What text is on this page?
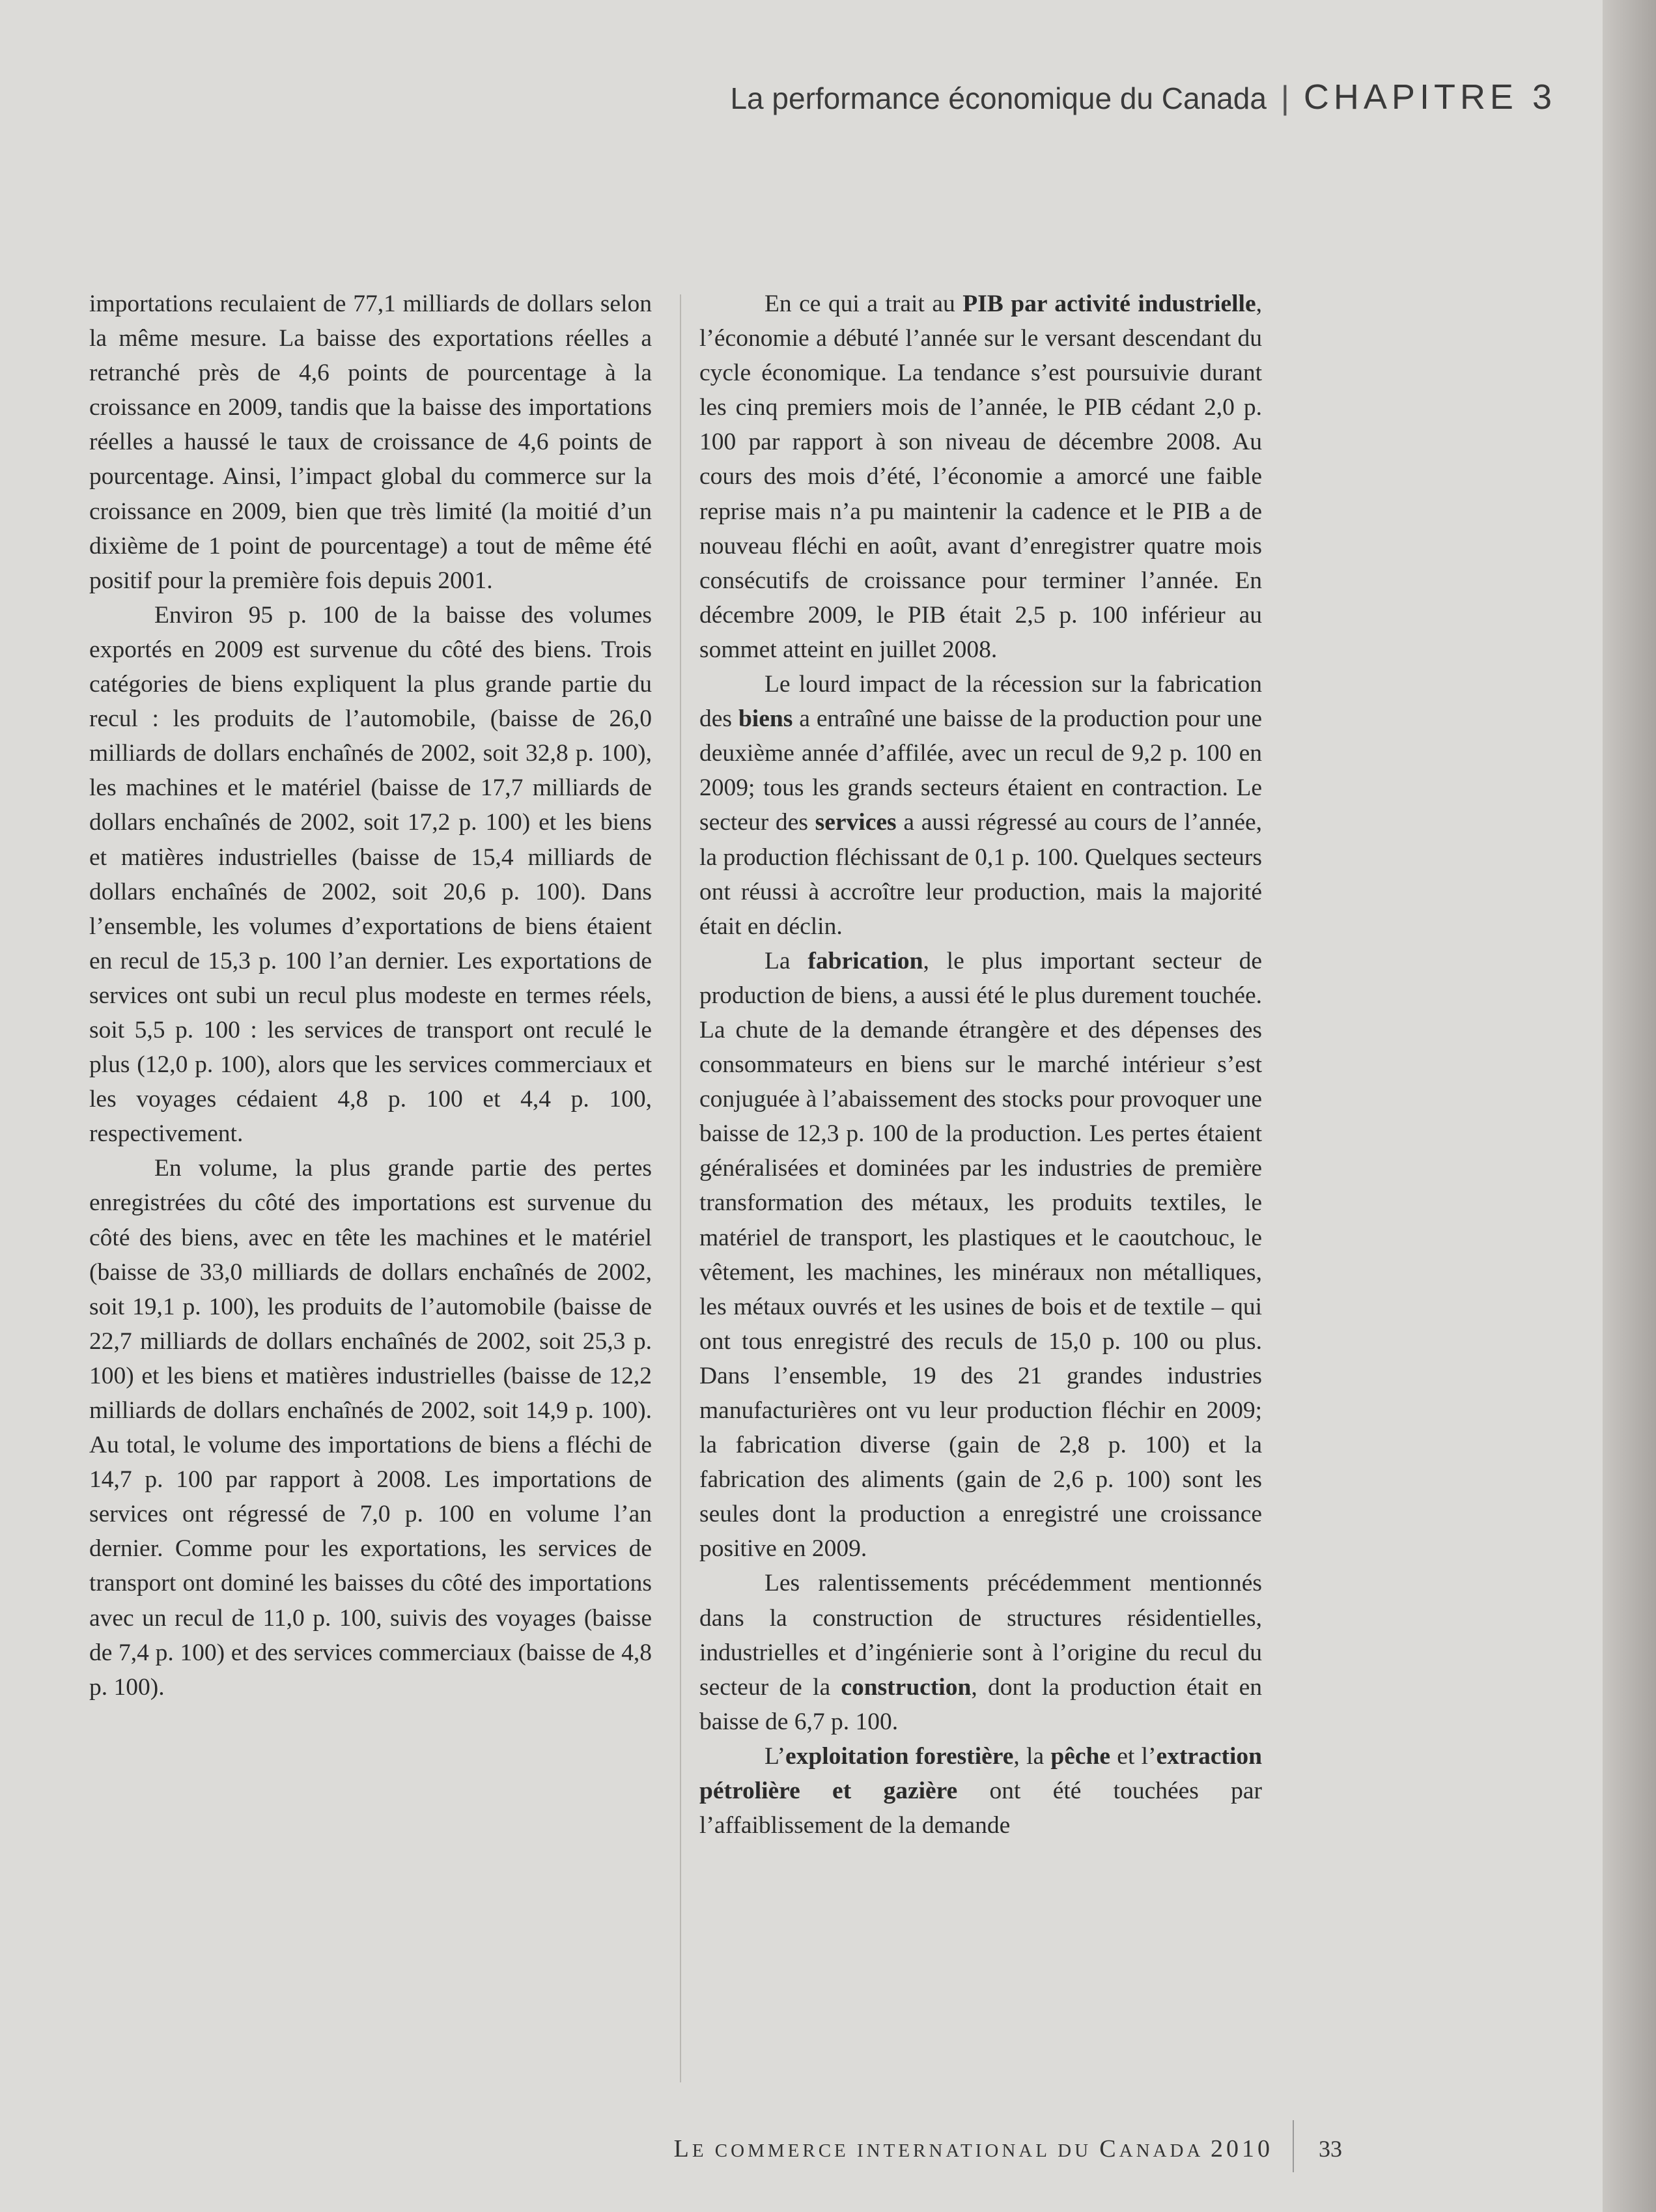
La performance économique du Canada | CHAPITRE 3

importations reculaient de 77,1 milliards de dollars selon la même mesure. La baisse des exportations réelles a retranché près de 4,6 points de pourcentage à la croissance en 2009, tandis que la baisse des importations réelles a haussé le taux de croissance de 4,6 points de pourcentage. Ainsi, l’impact global du commerce sur la croissance en 2009, bien que très limité (la moitié d’un dixième de 1 point de pourcentage) a tout de même été positif pour la première fois depuis 2001.

Environ 95 p. 100 de la baisse des volumes exportés en 2009 est survenue du côté des biens. Trois catégories de biens expliquent la plus grande partie du recul : les produits de l’automobile, (baisse de 26,0 milliards de dollars enchaînés de 2002, soit 32,8 p. 100), les machines et le matériel (baisse de 17,7 milliards de dollars enchaînés de 2002, soit 17,2 p. 100) et les biens et matières industrielles (baisse de 15,4 milliards de dollars enchaînés de 2002, soit 20,6 p. 100). Dans l’ensemble, les volumes d’exportations de biens étaient en recul de 15,3 p. 100 l’an dernier. Les exportations de services ont subi un recul plus modeste en termes réels, soit 5,5 p. 100 : les services de transport ont reculé le plus (12,0 p. 100), alors que les services commerciaux et les voyages cédaient 4,8 p. 100 et 4,4 p. 100, respectivement.

En volume, la plus grande partie des pertes enregistrées du côté des importations est survenue du côté des biens, avec en tête les machines et le matériel (baisse de 33,0 milliards de dollars enchaînés de 2002, soit 19,1 p. 100), les produits de l’automobile (baisse de 22,7 milliards de dollars enchaînés de 2002, soit 25,3 p. 100) et les biens et matières industrielles (baisse de 12,2 milliards de dollars enchaînés de 2002, soit 14,9 p. 100). Au total, le volume des importations de biens a fléchi de 14,7 p. 100 par rapport à 2008. Les importations de services ont régressé de 7,0 p. 100 en volume l’an dernier. Comme pour les exportations, les services de transport ont dominé les baisses du côté des importations avec un recul de 11,0 p. 100, suivis des voyages (baisse de 7,4 p. 100) et des services commerciaux (baisse de 4,8 p. 100).

En ce qui a trait au PIB par activité industrielle, l’économie a débuté l’année sur le versant descendant du cycle économique. La tendance s’est poursuivie durant les cinq premiers mois de l’année, le PIB cédant 2,0 p. 100 par rapport à son niveau de décembre 2008. Au cours des mois d’été, l’économie a amorcé une faible reprise mais n’a pu maintenir la cadence et le PIB a de nouveau fléchi en août, avant d’enregistrer quatre mois consécutifs de croissance pour terminer l’année. En décembre 2009, le PIB était 2,5 p. 100 inférieur au sommet atteint en juillet 2008.

Le lourd impact de la récession sur la fabrication des biens a entraîné une baisse de la production pour une deuxième année d’affilée, avec un recul de 9,2 p. 100 en 2009; tous les grands secteurs étaient en contraction. Le secteur des services a aussi régressé au cours de l’année, la production fléchissant de 0,1 p. 100. Quelques secteurs ont réussi à accroître leur production, mais la majorité était en déclin.

La fabrication, le plus important secteur de production de biens, a aussi été le plus durement touchée. La chute de la demande étrangère et des dépenses des consommateurs en biens sur le marché intérieur s’est conjuguée à l’abaissement des stocks pour provoquer une baisse de 12,3 p. 100 de la production. Les pertes étaient généralisées et dominées par les industries de première transformation des métaux, les produits textiles, le matériel de transport, les plastiques et le caoutchouc, le vêtement, les machines, les minéraux non métalliques, les métaux ouvrés et les usines de bois et de textile – qui ont tous enregistré des reculs de 15,0 p. 100 ou plus. Dans l’ensemble, 19 des 21 grandes industries manufacturières ont vu leur production fléchir en 2009; la fabrication diverse (gain de 2,8 p. 100) et la fabrication des aliments (gain de 2,6 p. 100) sont les seules dont la production a enregistré une croissance positive en 2009.

Les ralentissements précédemment mentionnés dans la construction de structures résidentielles, industrielles et d’ingénierie sont à l’origine du recul du secteur de la construction, dont la production était en baisse de 6,7 p. 100.

L’exploitation forestière, la pêche et l’extraction pétrolière et gazière ont été touchées par l’affaiblissement de la demande

LE COMMERCE INTERNATIONAL DU CANADA 2010 33
